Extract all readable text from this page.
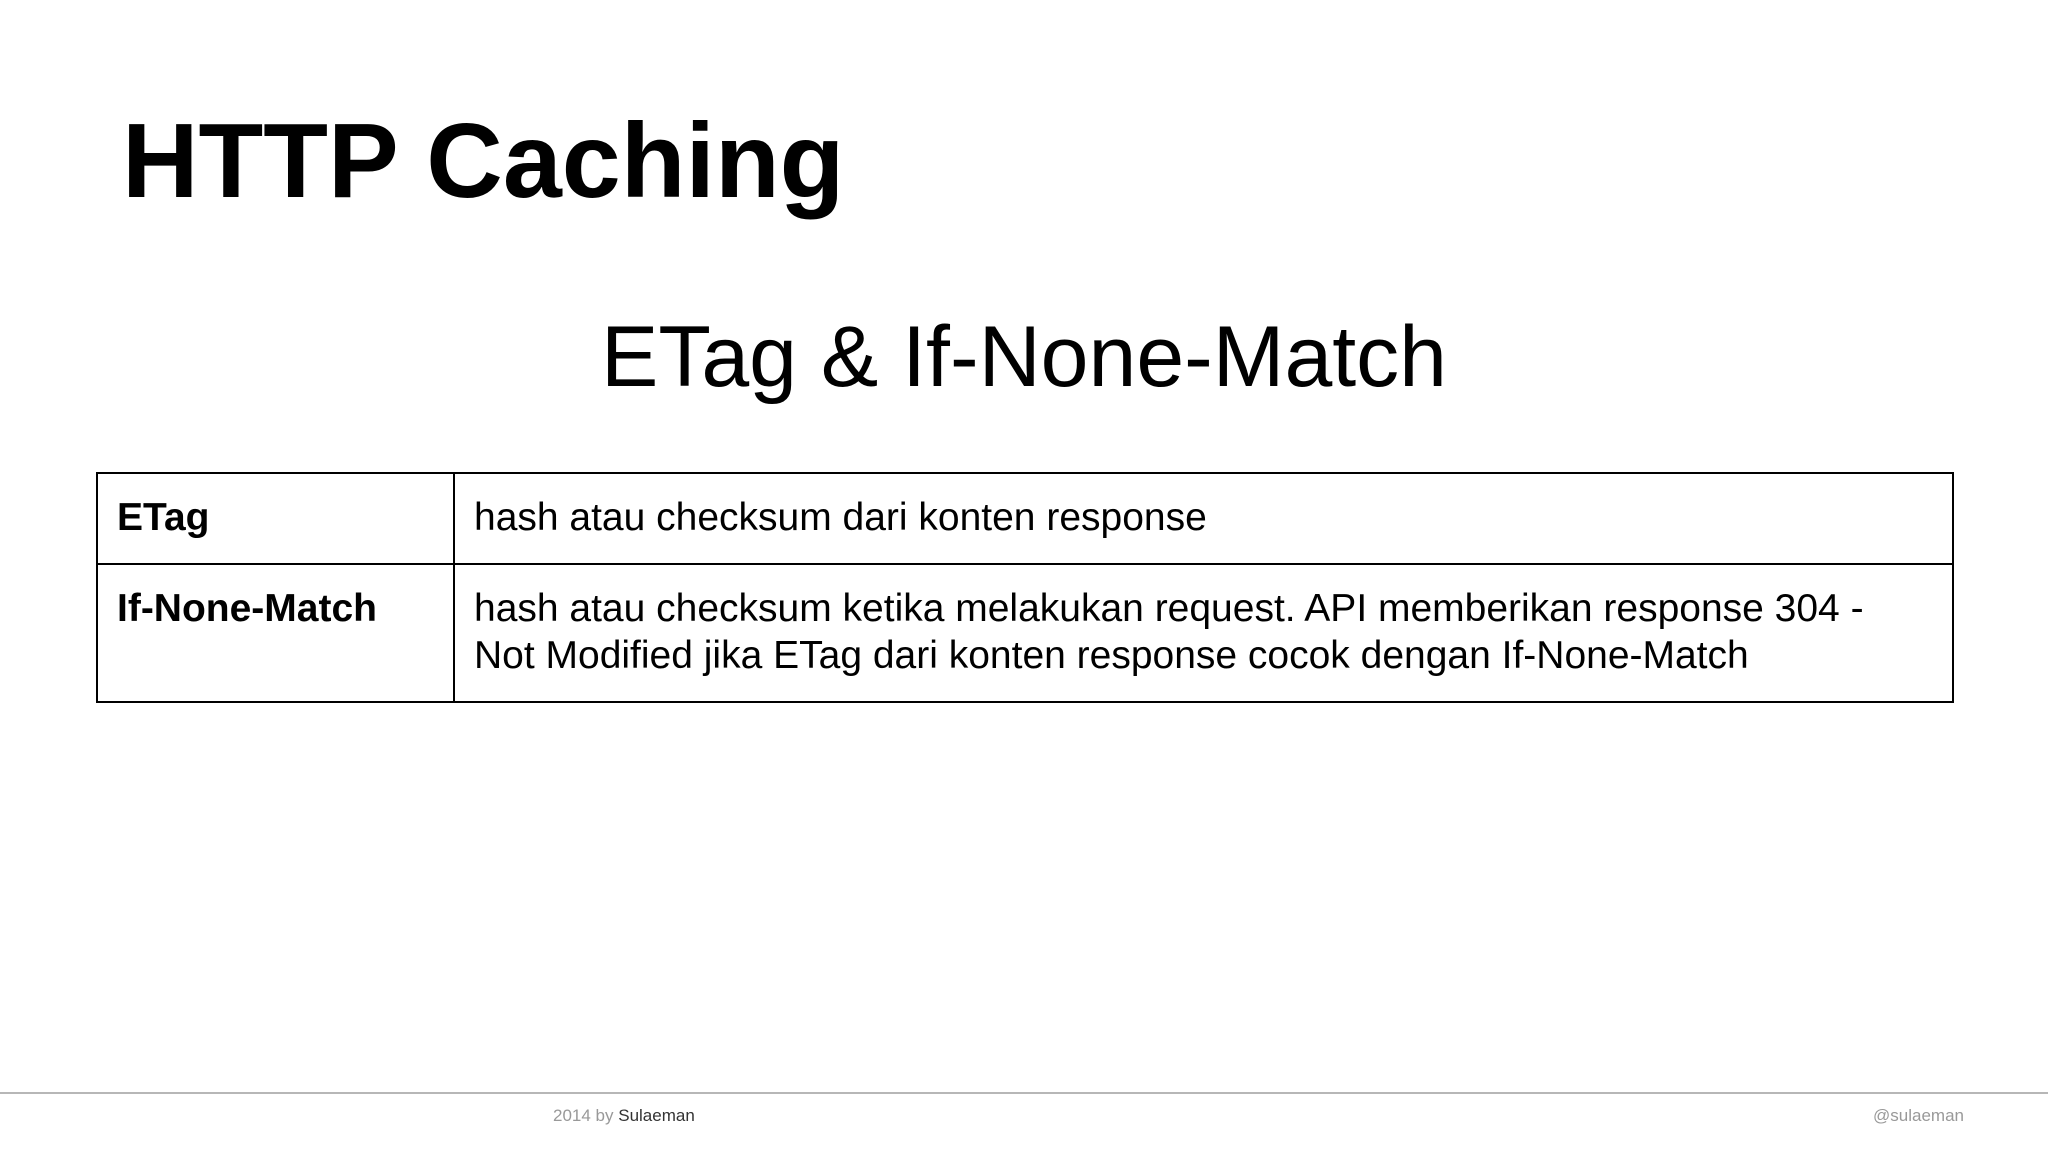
HTTP Caching
ETag & If-None-Match
ETag	hash atau checksum dari konten response
If-None-Match	hash atau checksum ketika melakukan request. API memberikan response 304 - Not Modified jika ETag dari konten response cocok dengan If-None-Match
2014 by Sulaeman	@sulaeman
